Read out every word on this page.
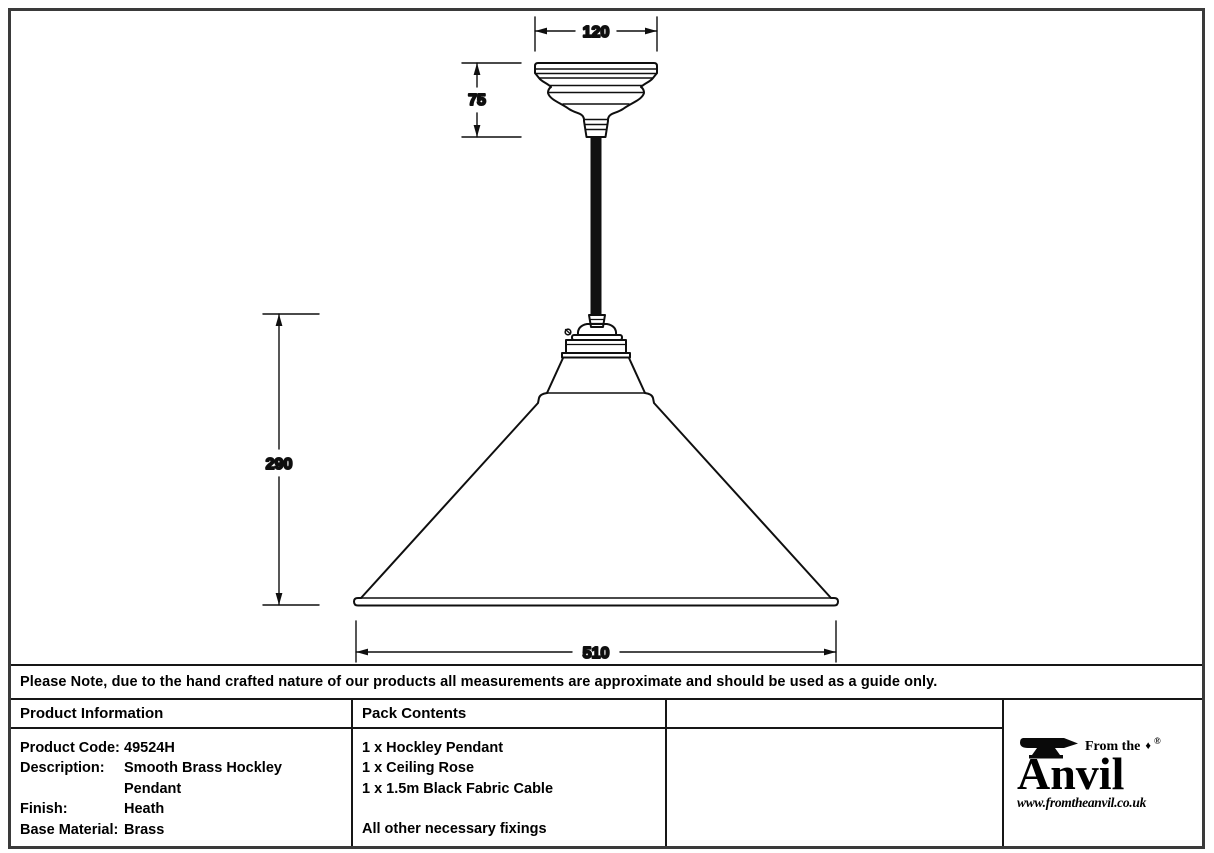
120
75
290
510
Please Note, due to the hand crafted nature of our products all measurements are approximate and should be used as a guide only.
Product Information
Product Code: 49524H
Description:	Smooth Brass Hockley Pendant
Finish:	Heath
Base Material: Brass
Pack Contents
1 x Hockley Pendant
1 x Ceiling Rose
1 x 1.5m Black Fabric Cable
All other necessary fixings
From the ♦ ®
Anvil
www.fromtheanvil.co.uk
